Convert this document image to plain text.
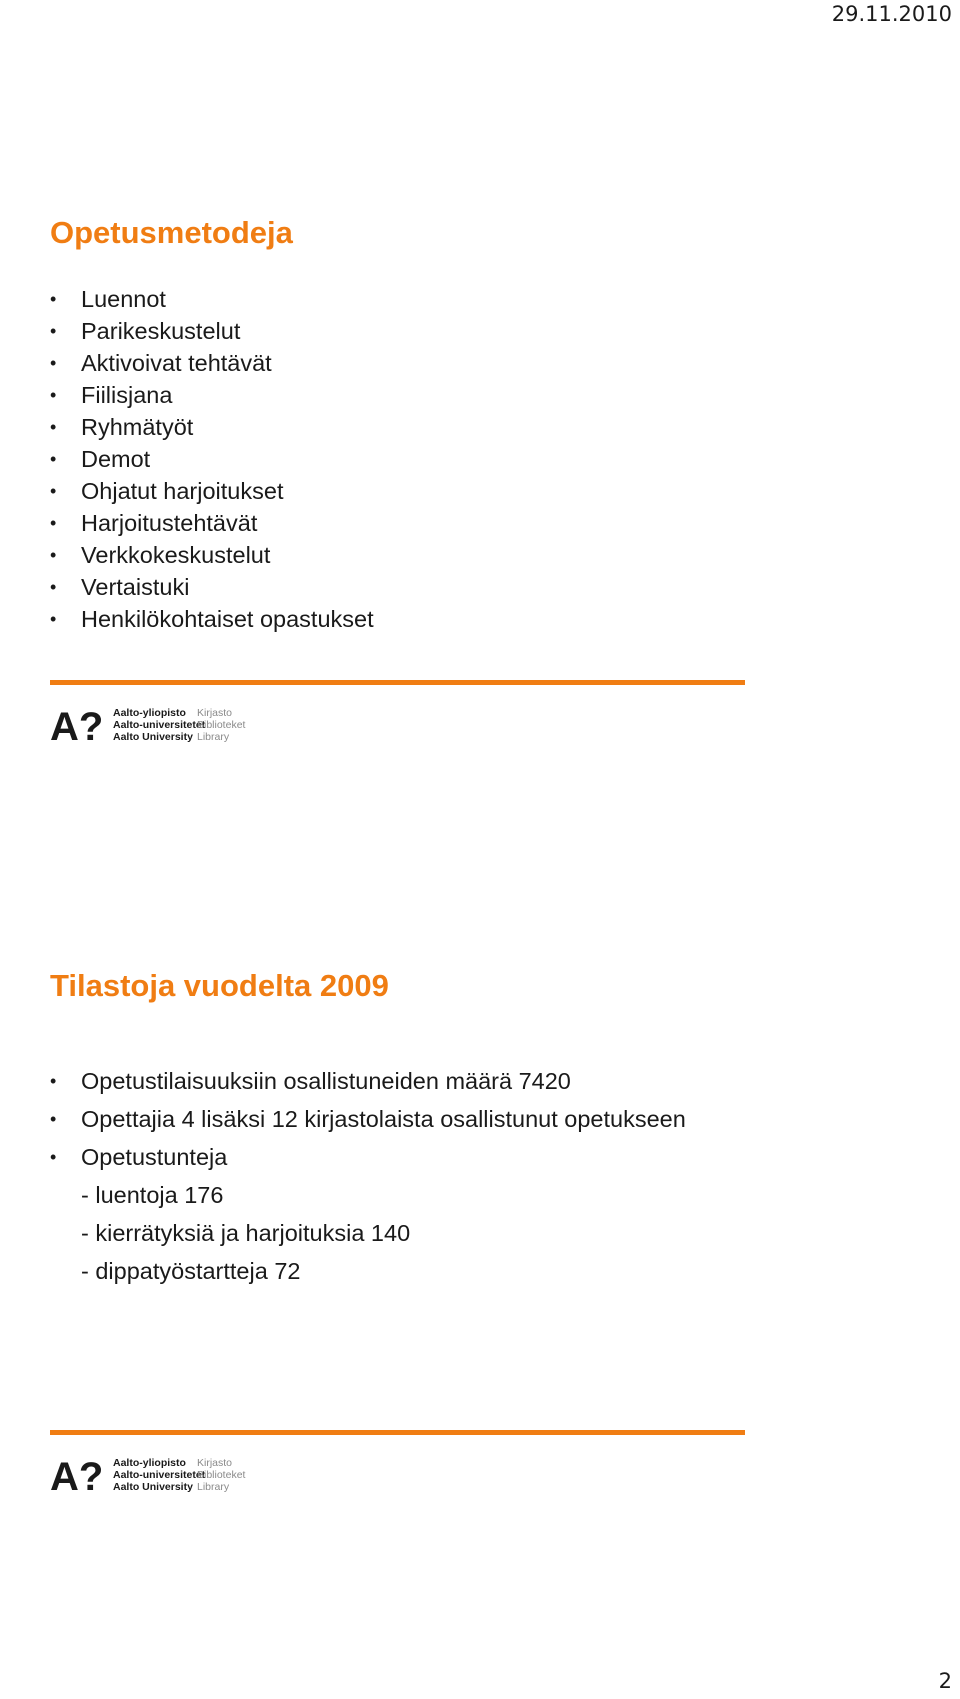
29.11.2010
Opetusmetodeja
• Luennot
• Parikeskustelut
• Aktivoivat tehtävät
• Fiilisjana
• Ryhmätyöt
• Demot
• Ohjatut harjoitukset
• Harjoitustehtävät
• Verkkokeskustelut
• Vertaistuki
• Henkilökohtaiset opastukset
A? Aalto-yliopisto	Kirjasto
Aalto-universitetet
Biblioteket
Aalto University Library
Tilastoja vuodelta 2009
• Opetustilaisuuksiin osallistuneiden määrä 7420
• Opettajia 4 lisäksi 12 kirjastolaista osallistunut opetukseen
• Opetustunteja
- luentoja 176
- kierrätyksiä ja harjoituksia 140
- dippatyöstartteja 72
A? Aalto-yliopisto	Kirjasto
Aalto-universitetet
Biblioteket
Aalto University Library
2
